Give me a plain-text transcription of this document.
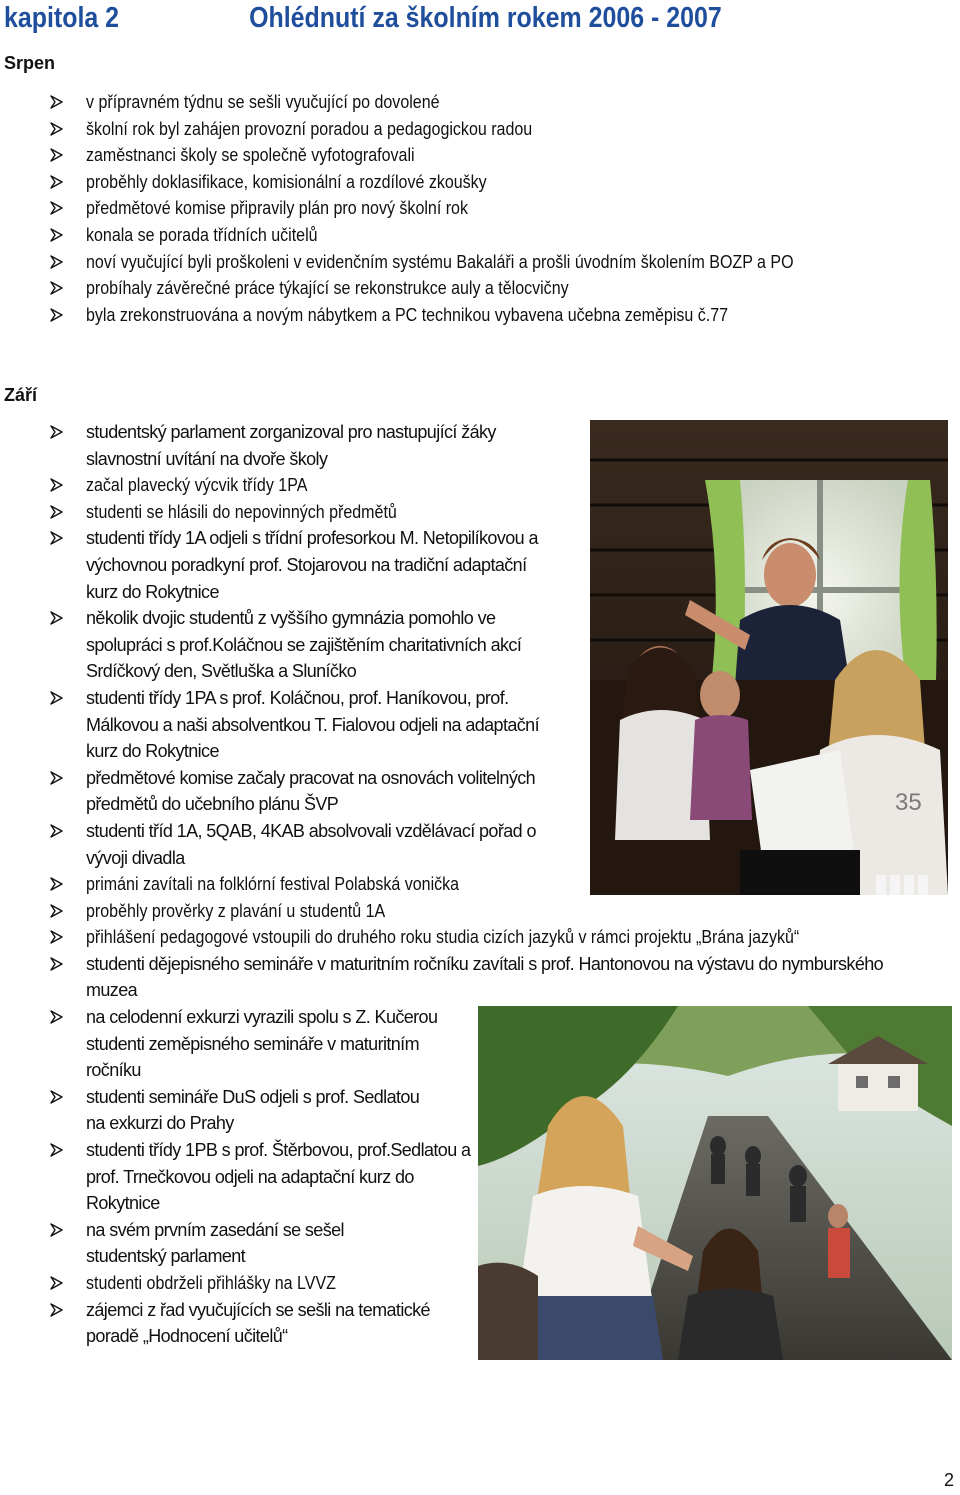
kapitola 2	Ohlédnutí za školním rokem 2006 - 2007
Srpen
v přípravném týdnu se sešli vyučující po dovolené
školní rok byl zahájen provozní poradou a pedagogickou radou
zaměstnanci školy se společně vyfotografovali
proběhly doklasifikace, komisionální a rozdílové zkoušky
předmětové komise připravily plán pro nový školní rok
konala se porada třídních učitelů
noví vyučující byli proškoleni v evidenčním systému Bakaláři a prošli úvodním školením BOZP a PO
probíhaly závěrečné práce týkající se rekonstrukce auly a tělocvičny
byla zrekonstruována a novým nábytkem a PC technikou vybavena učebna zeměpisu č.77
Září
35
studentský parlament zorganizoval pro nastupující žáky slavnostní uvítání na dvoře školy
začal plavecký výcvik třídy 1PA
studenti se hlásili do nepovinných předmětů
studenti třídy 1A odjeli s třídní profesorkou M. Netopilíkovou a výchovnou poradkyní prof. Stojarovou na tradiční adaptační kurz do Rokytnice
několik dvojic studentů z vyššího gymnázia pomohlo ve spolupráci s prof.Koláčnou se zajištěním charitativních akcí Srdíčkový den, Světluška a Sluníčko
studenti třídy 1PA s prof. Koláčnou, prof. Haníkovou, prof. Málkovou a naši absolventkou T. Fialovou odjeli na adaptační kurz do Rokytnice
předmětové komise začaly pracovat na osnovách volitelných předmětů do učebního plánu ŠVP
studenti tříd 1A, 5QAB, 4KAB absolvovali vzdělávací pořad o vývoji divadla
primáni zavítali na folklórní festival Polabská vonička
proběhly prověrky z plavání u studentů 1A
přihlášení pedagogové vstoupili do druhého roku studia cizích jazyků v rámci projektu „Brána jazyků“
studenti dějepisného semináře v maturitním ročníku zavítali s prof. Hantonovou na výstavu do nymburského muzea
na celodenní exkurzi vyrazili spolu s Z. Kučerou studenti zeměpisného semináře v maturitním ročníku
studenti semináře DuS odjeli s prof. Sedlatou na exkurzi do Prahy
studenti třídy 1PB s prof. Štěrbovou, prof.Sedlatou a prof. Trnečkovou odjeli na adaptační kurz do Rokytnice
na svém prvním zasedání se sešel studentský parlament
studenti obdrželi přihlášky na LVVZ
zájemci z řad vyučujících se sešli na tematické poradě „Hodnocení učitelů“
2
